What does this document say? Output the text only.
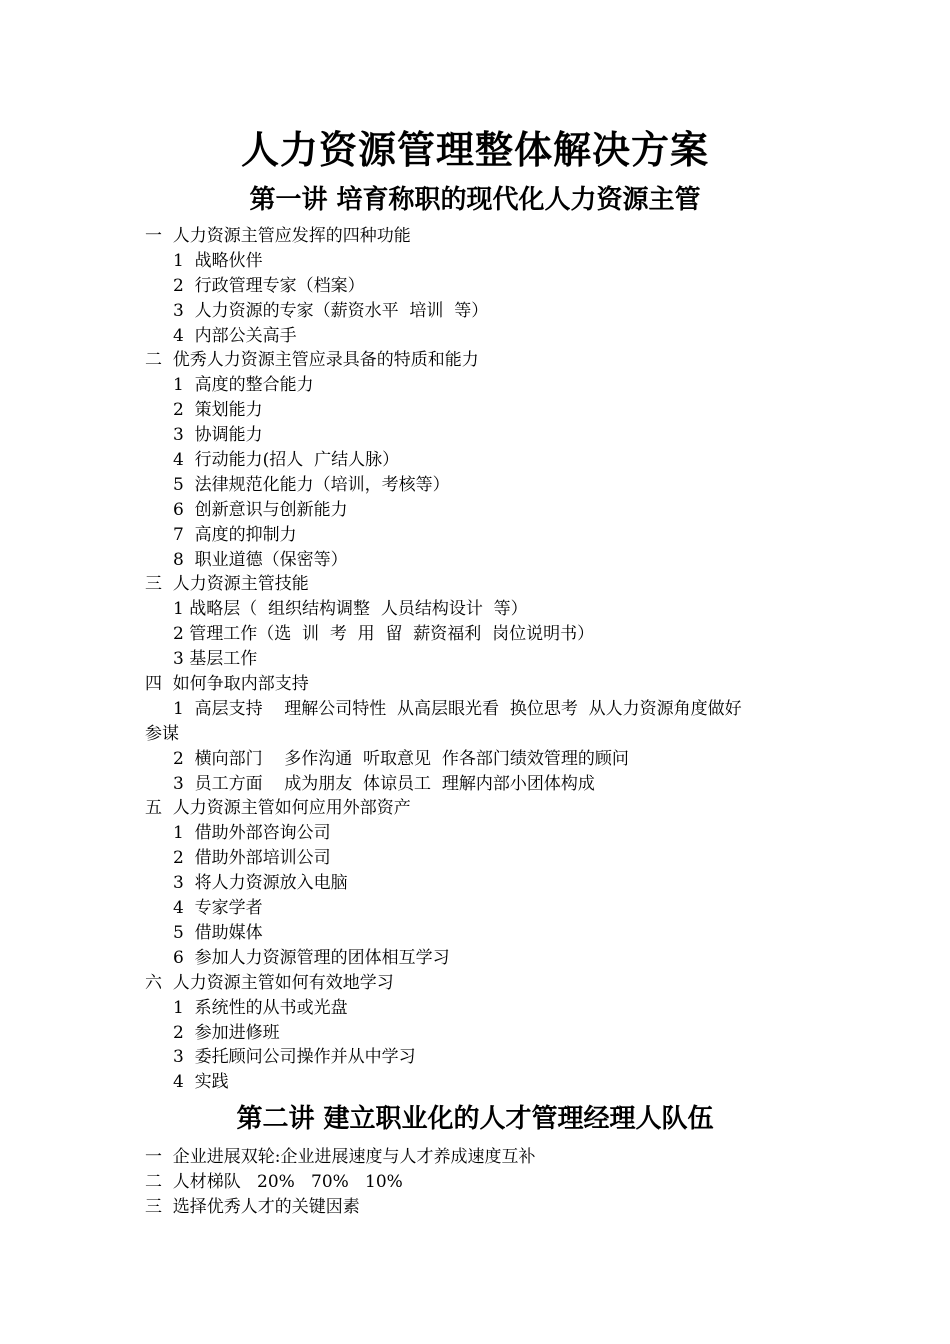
人力资源管理整体解决方案
第一讲 培育称职的现代化人力资源主管
一  人力资源主管应发挥的四种功能
1  战略伙伴
2  行政管理专家（档案）
3  人力资源的专家（薪资水平  培训  等）
4  内部公关高手
二  优秀人力资源主管应录具备的特质和能力
1  高度的整合能力
2  策划能力
3  协调能力
4  行动能力(招人  广结人脉）
5  法律规范化能力（培训，考核等）
6  创新意识与创新能力
7  高度的抑制力
8  职业道德（保密等）
三  人力资源主管技能
1 战略层（  组织结构调整  人员结构设计  等）
2 管理工作（选  训  考  用  留  薪资福利  岗位说明书）
3 基层工作
四  如何争取内部支持
1  高层支持    理解公司特性  从高层眼光看  换位思考  从人力资源角度做好
参谋
2  横向部门    多作沟通  听取意见  作各部门绩效管理的顾问
3  员工方面    成为朋友  体谅员工  理解内部小团体构成
五  人力资源主管如何应用外部资产
1  借助外部咨询公司
2  借助外部培训公司
3  将人力资源放入电脑
4  专家学者
5  借助媒体
6  参加人力资源管理的团体相互学习
六  人力资源主管如何有效地学习
1  系统性的从书或光盘
2  参加进修班
3  委托顾问公司操作并从中学习
4  实践
第二讲 建立职业化的人才管理经理人队伍
一  企业进展双轮:企业进展速度与人才养成速度互补
二  人材梯队   20%   70%   10%
三  选择优秀人才的关键因素
